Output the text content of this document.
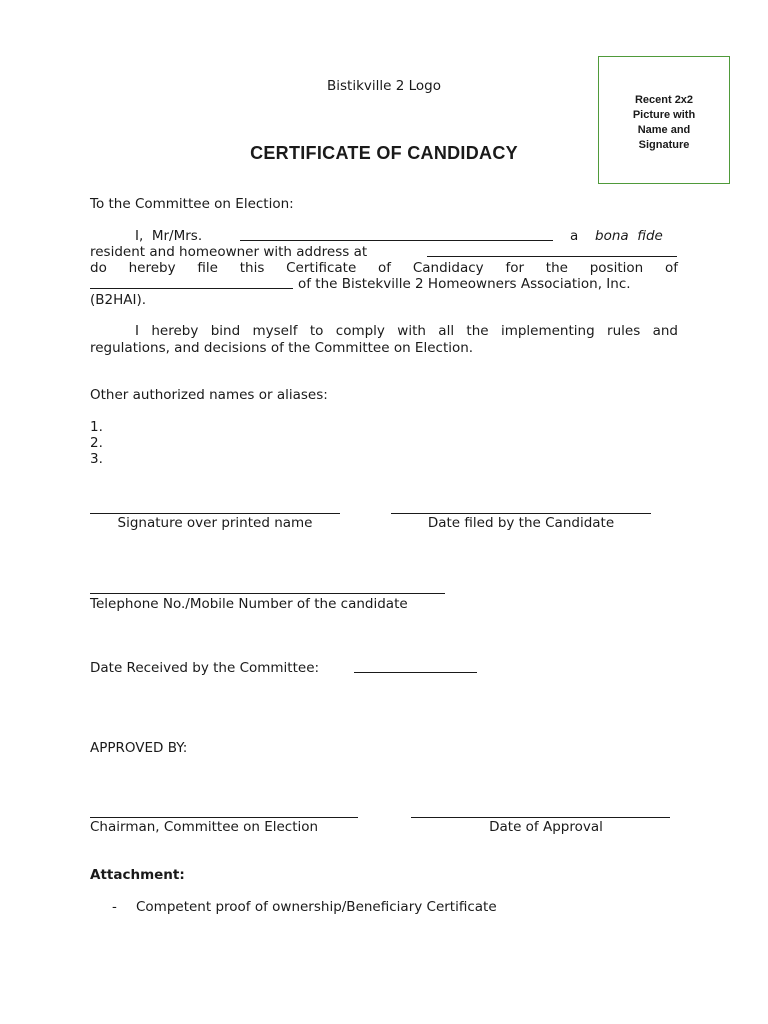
Bistikville 2 Logo
Recent 2x2
Picture with
Name and
Signature
CERTIFICATE OF CANDIDACY
To the Committee on Election:
I,  Mr/Mrs.	a bona  fide
resident and homeowner with address at
do  hereby  file  this  Certificate  of  Candidacy  for  the  position  of
of the Bistekville 2 Homeowners Association, Inc.
(B2HAI).
I hereby bind myself to comply with all the implementing rules and
regulations, and decisions of the Committee on Election.
Other authorized names or aliases:
1.
2.
3.
Signature over printed name	Date filed by the Candidate
Telephone No./Mobile Number of the candidate
Date Received by the Committee:
APPROVED BY:
Chairman, Committee on Election	Date of Approval
Attachment:
- Competent proof of ownership/Beneficiary Certificate
